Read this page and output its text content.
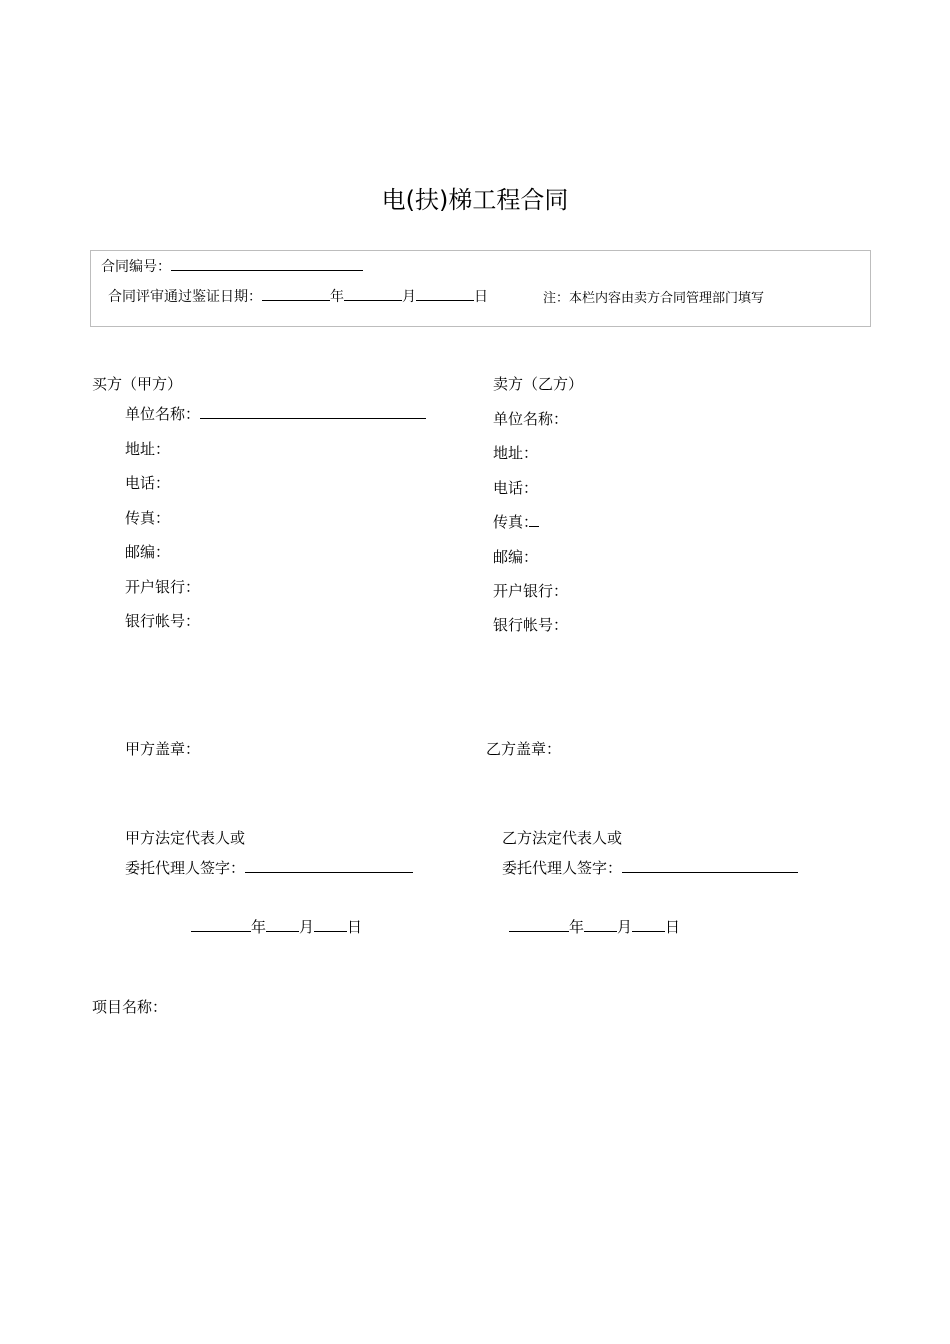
电(扶)梯工程合同
合同编号：
合同评审通过鉴证日期：	年	月	日	注：本栏内容由卖方合同管理部门填写
买方（甲方）
单位名称：
地址：
电话：
传真：
邮编：
开户银行：
银行帐号：
卖方（乙方）
单位名称：
地址：
电话：
传真：
邮编：
开户银行：
银行帐号：
甲方盖章：	乙方盖章：
甲方法定代表人或
委托代理人签字：
乙方法定代表人或
委托代理人签字：
年 月 日	年 月 日
项目名称：
